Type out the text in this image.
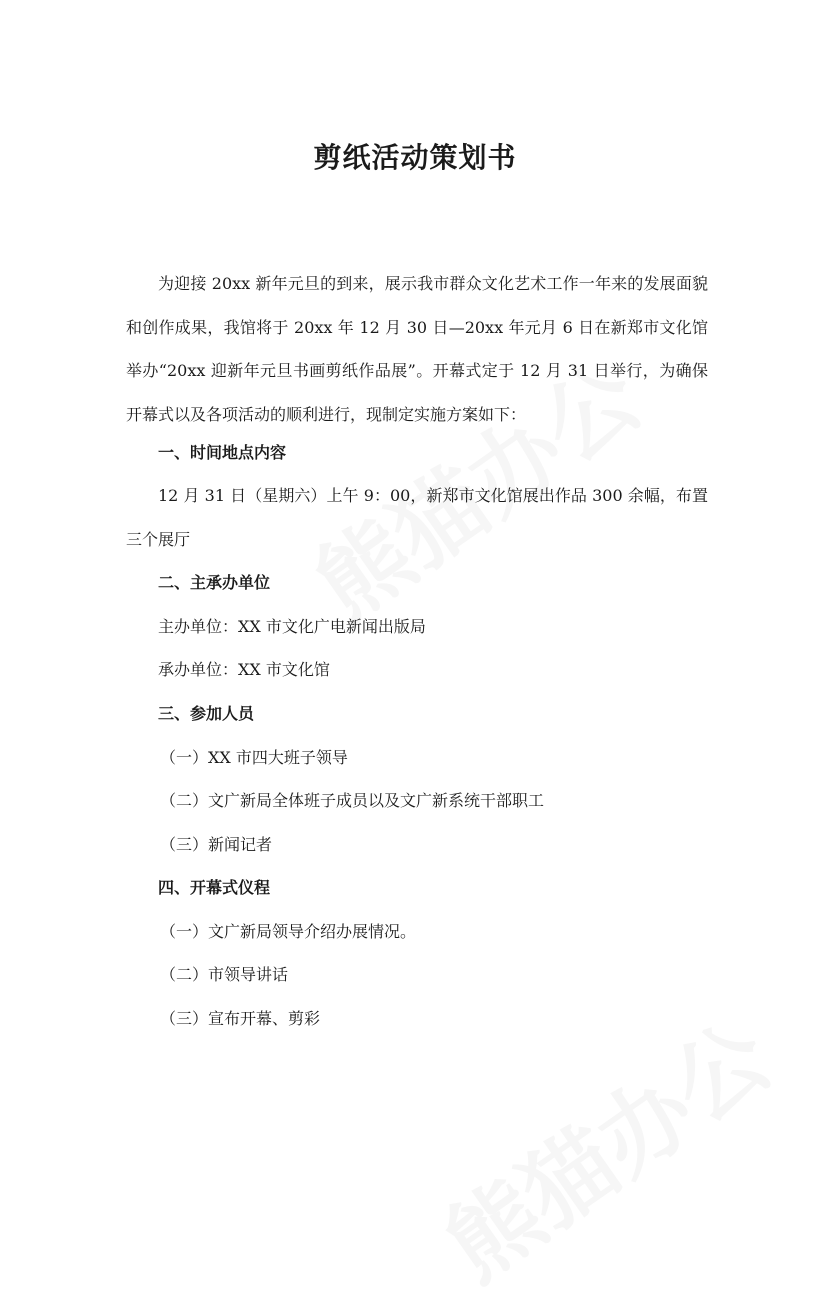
剪纸活动策划书

为迎接 20xx 新年元旦的到来，展示我市群众文化艺术工作一年来的发展面貌和创作成果，我馆将于 20xx 年 12 月 30 日—20xx 年元月 6 日在新郑市文化馆举办“20xx 迎新年元旦书画剪纸作品展”。开幕式定于 12 月 31 日举行，为确保开幕式以及各项活动的顺利进行，现制定实施方案如下：

一、时间地点内容

12 月 31 日（星期六）上午 9：00，新郑市文化馆展出作品 300 余幅，布置三个展厅

二、主承办单位
主办单位：XX 市文化广电新闻出版局
承办单位：XX 市文化馆
三、参加人员
（一）XX 市四大班子领导
（二）文广新局全体班子成员以及文广新系统干部职工
（三）新闻记者
四、开幕式仪程
（一）文广新局领导介绍办展情况。
（二）市领导讲话
（三）宣布开幕、剪彩
